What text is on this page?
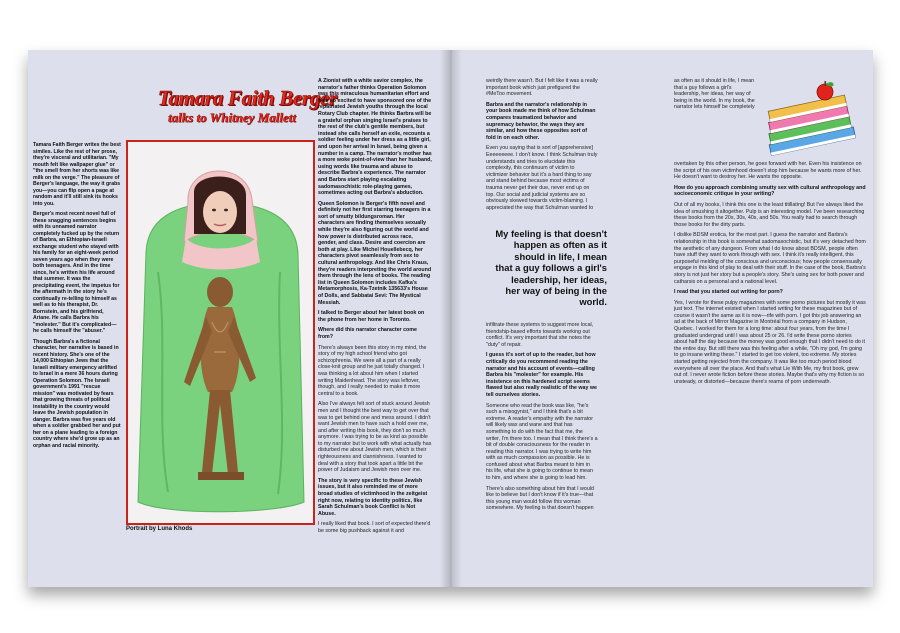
Tamara Faith Berger
talks to Whitney Mallett

Tamara Faith Berger writes the best similes. Like the rest of her prose, they're visceral and utilitarian. "My mouth felt like wallpaper glue" or "the smell from her shorts was like milk on the verge." The pleasure of Berger's language, the way it grabs you—you can flip open a page at random and it'll still sink its hooks into you.

Berger's most recent novel full of these snagging sentences begins with its unnamed narrator completely fucked up by the return of Barbra, an Ethiopian-Israeli exchange student who stayed with his family for an eight-week period seven years ago when they were both teenagers. And in the time since, he's written his life around that summer. It was the precipitating event, the impetus for the aftermath in the story he's continually re-telling to himself as well as to his therapist, Dr. Bornstein, and his girlfriend, Ariane. He calls Barbra his "molester." But it's complicated—he calls himself the "abuser."

Though Barbra's a fictional character, her narrative is based in recent history. She's one of the 14,000 Ethiopian Jews that the Israeli military emergency airlifted to Israel in a mere 36 hours during Operation Solomon. The Israeli government's 1991 "rescue mission" was motivated by fears that growing threats of political instability in the country would leave the Jewish population in danger. Barbra was five years old when a soldier grabbed her and put her on a plane leading to a foreign country where she'd grow up as an orphan and racial minority.

Portrait by Luna Khods

A Zionist with a white savior complex, the narrator's father thinks Operation Solomon was this miraculous humanitarian effort and he's so excited to have sponsored one of the repatriated Jewish youths through the local Rotary Club chapter. He thinks Barbra will be a grateful orphan singing Israel's praises to the rest of the club's gentile members, but instead she calls herself an exile, recounts a soldier feeling under her dress as a little girl, and upon her arrival in Israel, being given a number in a camp. The narrator's mother has a more woke point-of-view than her husband, using words like trauma and abuse to describe Barbra's experience. The narrator and Barbra start playing escalating sadomasochistic role-playing games, sometimes acting out Barbra's abduction.

Queen Solomon is Berger's fifth novel and definitely not her first starring teenagers in a sort of smutty bildungsroman. Her characters are finding themselves sexually while they're also figuring out the world and how power is distributed across race, gender, and class. Desire and coercion are both at play. Like Michel Houellebecq, her characters pivot seamlessly from sex to cultural anthropology. And like Chris Kraus, they're readers interpreting the world around them through the lens of books. The reading list in Queen Solomon includes Kafka's Metamorphosis, Ka-Tzetnik 135633's House of Dolls, and Sabbatai Sevi: The Mystical Messiah.

I talked to Berger about her latest book on the phone from her home in Toronto.

Where did this narrator character come from?

There's always been this story in my mind, the story of my high school friend who got schizophrenia. We were all a part of a really close-knit group and he just totally changed. I was thinking a lot about him when I started writing Maidenhead. The story was leftover, though, and I really needed to make it more central to a book.

Also I've always felt sort of stuck around Jewish men and I thought the best way to get over that was to get behind one and mess around. I didn't want Jewish men to have such a hold over me, and after writing this book, they don't so much anymore. I was trying to be as kind as possible to my narrator but to work with what actually has disturbed me about Jewish men, which is their righteousness and clannishness. I wanted to deal with a story that took apart a little bit the power of Judaism and Jewish men over me.

The story is very specific to these Jewish issues, but it also reminded me of more broad studies of victimhood in the zeitgeist right now, relating to identity politics, like Sarah Schulman's book Conflict is Not Abuse.

I really liked that book. I sort of expected there'd be some big pushback against it and

weirdly there wasn't. But I felt like it was a really important book which just prefigured the #MeToo movement.

Barbra and the narrator's relationship in your book made me think of how Schulman compares traumatized behavior and supremacy behavior, the ways they are similar, and how these opposites sort of fold in on each other.

Even you saying that is sort of [apprehensive] Eeeeeeeee. I don't know. I think Schulman truly understands and tries to elucidate this complexity, this continuum of victim to victimizer behavior but it's a hard thing to say and stand behind because most victims of trauma never get their due, never end up on top. Our social and judicial systems are so obviously skewed towards victim-blaming. I appreciated the way that Schulman wanted to

My feeling is that doesn't happen as often as it should in life, I mean that a guy follows a girl's leadership, her ideas, her way of being in the world.

infiltrate these systems to suggest more local, friendship-based efforts towards working out conflict. It's very important that she notes the "duty" of repair.

I guess it's sort of up to the reader, but how critically do you recommend reading the narrator and his account of events—calling Barbra his "molester" for example. His insistence on this hardened script seems flawed but also really realistic of the way we tell ourselves stories.

Someone who read the book was like, "he's such a misogynist," and I think that's a bit extreme. A reader's empathy with the narrator will likely wax and wane and that has something to do with the fact that me, the writer, I'm there too. I mean that I think there's a bit of double consciousness for the reader in reading this narrator. I was trying to write him with as much compassion as possible. He is confused about what Barbra meant to him in his life, what she is going to continue to mean to him, and where she is going to lead him.

There's also something about him that I would like to believe but I don't know if it's true—that this young man would follow this woman somewhere. My feeling is that doesn't happen

as often as it should in life, I mean that a guy follows a girl's leadership, her ideas, her way of being in the world. In my book, the narrator lets himself be completely

overtaken by this other person, he goes forward with her. Even his insistence on the script of his own victimhood doesn't stop him because he wants more of her. He doesn't want to destroy her. He wants the opposite.

How do you approach combining smutty sex with cultural anthropology and socioeconomic critique in your writing?

Out of all my books, I think this one is the least titillating! But I've always liked the idea of smushing it altogether. Pulp is an interesting model. I've been researching these books from the 20s, 30s, 40s, and 50s. You really had to search through those books for the dirty parts.

I dislike BDSM erotica, for the most part. I guess the narrator and Barbra's relationship in this book is somewhat sadomasochistic, but it's very detached from the aesthetic of any dungeon. From what I do know about BDSM, people often have stuff they want to work through with sex. I think it's really intelligent, this purposeful melding of the conscious and unconscious; how people consensually engage in this kind of play to deal with their stuff. In the case of the book, Barbra's story is not just her story but a people's story. She's using sex for both power and catharsis on a personal and a national level.

I read that you started out writing for porn?

Yes, I wrote for these pulpy magazines with some porno pictures but mostly it was just text. The internet existed when I started writing for these magazines but of course it wasn't the same as it is now—rife with porn. I got this job answering an ad at the back of Mirror Magazine in Montréal from a company in Hudson, Quebec. I worked for them for a long time: about four years, from the time I graduated undergrad until I was about 25 or 26. I'd write these porno stories about half the day because the money was good enough that I didn't need to do it the entire day. But still there was this feeling after a while, "Oh my god, I'm going to go insane writing these." I started to get too violent, too extreme. My stories started getting rejected from the company. It was like too much period blood everywhere all over the place. And that's what Lie With Me, my first book, grew out of. I never wrote fiction before these stories. Maybe that's why my fiction is so unsteady, or distorted—because there's reams of porn underneath.
